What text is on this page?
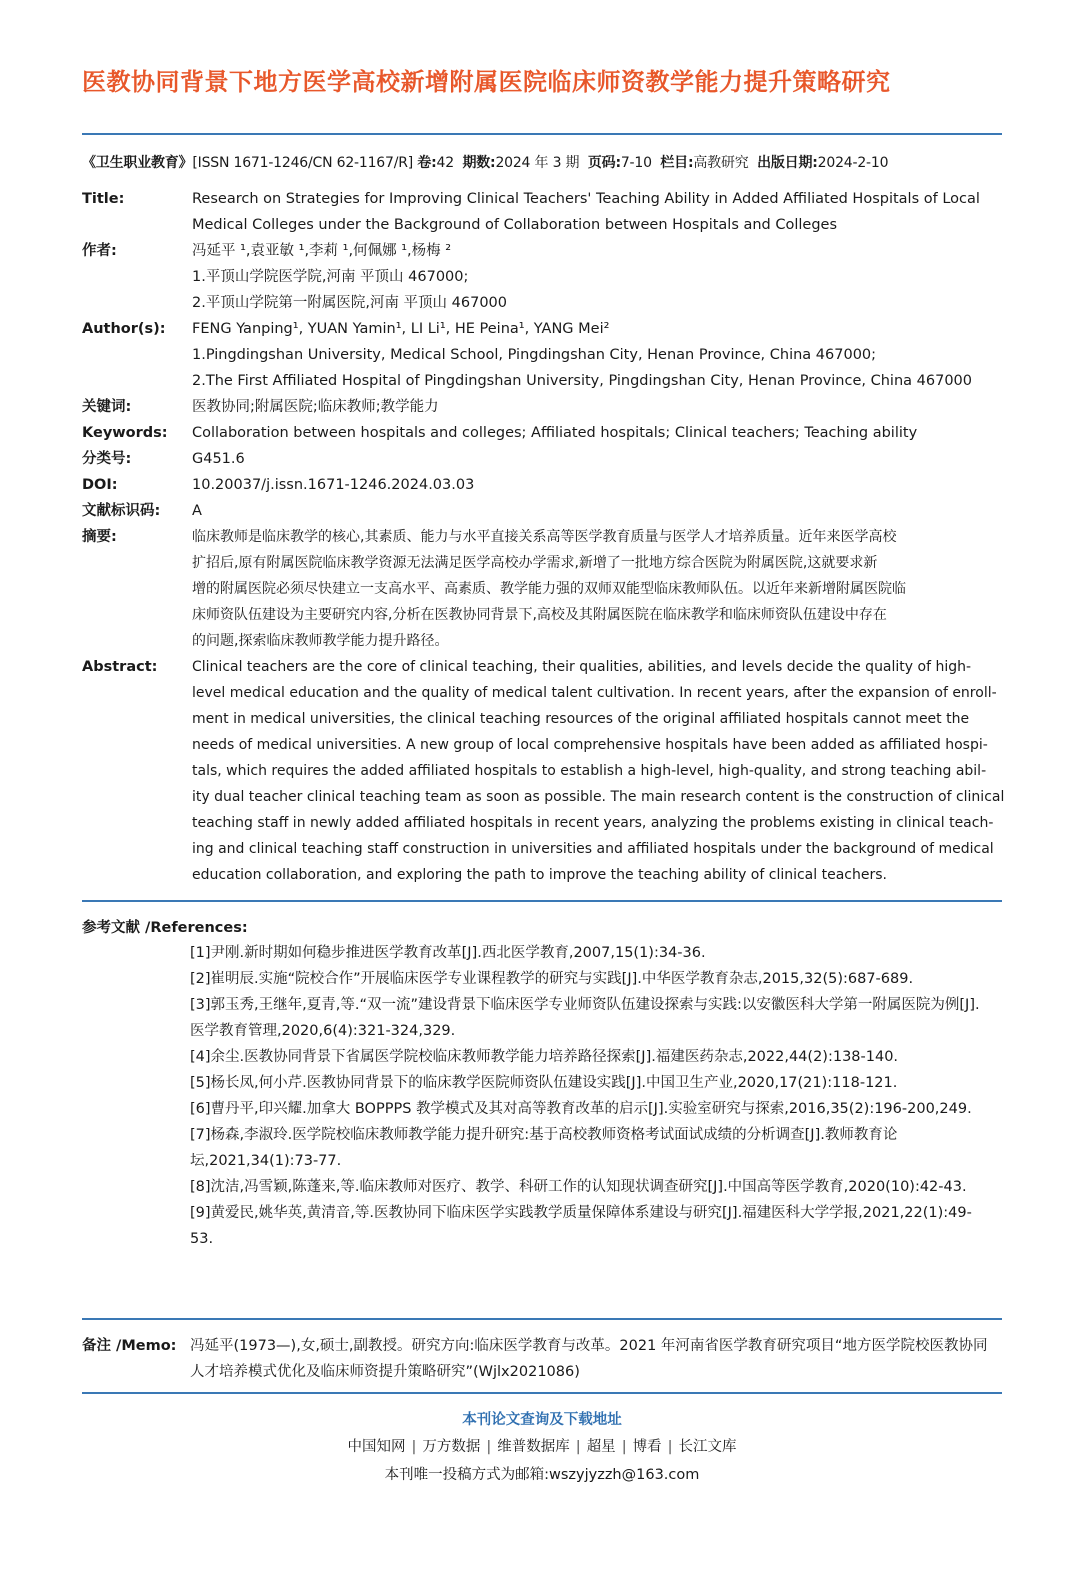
医教协同背景下地方医学高校新增附属医院临床师资教学能力提升策略研究
《卫生职业教育》[ISSN 1671-1246/CN 62-1167/R] 卷:42 期数:2024 年 3 期 页码:7-10 栏目:高教研究 出版日期:2024-2-10
Title:	Research on Strategies for Improving Clinical Teachers' Teaching Ability in Added Affiliated Hospitals of Local
Medical Colleges under the Background of Collaboration between Hospitals and Colleges
作者:	冯延平 ¹,袁亚敏 ¹,李莉 ¹,何佩娜 ¹,杨梅 ²
1.平顶山学院医学院,河南 平顶山 467000;
2.平顶山学院第一附属医院,河南 平顶山 467000
Author(s):	FENG Yanping¹, YUAN Yamin¹, LI Li¹, HE Peina¹, YANG Mei²
1.Pingdingshan University, Medical School, Pingdingshan City, Henan Province, China 467000;
2.The First Affiliated Hospital of Pingdingshan University, Pingdingshan City, Henan Province, China 467000
关键词:	医教协同;附属医院;临床教师;教学能力
Keywords:	Collaboration between hospitals and colleges; Affiliated hospitals; Clinical teachers; Teaching ability
分类号:	G451.6
DOI:	10.20037/j.issn.1671-1246.2024.03.03
文献标识码:	A
摘要:	临床教师是临床教学的核心,其素质、能力与水平直接关系高等医学教育质量与医学人才培养质量。近年来医学高校
扩招后,原有附属医院临床教学资源无法满足医学高校办学需求,新增了一批地方综合医院为附属医院,这就要求新
增的附属医院必须尽快建立一支高水平、高素质、教学能力强的双师双能型临床教师队伍。以近年来新增附属医院临
床师资队伍建设为主要研究内容,分析在医教协同背景下,高校及其附属医院在临床教学和临床师资队伍建设中存在
的问题,探索临床教师教学能力提升路径。
Abstract:	Clinical teachers are the core of clinical teaching, their qualities, abilities, and levels decide the quality of high-
level medical education and the quality of medical talent cultivation. In recent years, after the expansion of enroll-
ment in medical universities, the clinical teaching resources of the original affiliated hospitals cannot meet the
needs of medical universities. A new group of local comprehensive hospitals have been added as affiliated hospi-
tals, which requires the added affiliated hospitals to establish a high-level, high-quality, and strong teaching abil-
ity dual teacher clinical teaching team as soon as possible. The main research content is the construction of clinical
teaching staff in newly added affiliated hospitals in recent years, analyzing the problems existing in clinical teach-
ing and clinical teaching staff construction in universities and affiliated hospitals under the background of medical
education collaboration, and exploring the path to improve the teaching ability of clinical teachers.
参考文献 /References:
[1]尹刚.新时期如何稳步推进医学教育改革[J].西北医学教育,2007,15(1):34-36.
[2]崔明辰.实施“院校合作”开展临床医学专业课程教学的研究与实践[J].中华医学教育杂志,2015,32(5):687-689.
[3]郭玉秀,王继年,夏青,等.“双一流”建设背景下临床医学专业师资队伍建设探索与实践:以安徽医科大学第一附属医院为例[J].医学教育管理,2020,6(4):321-324,329.
[4]余尘.医教协同背景下省属医学院校临床教师教学能力培养路径探索[J].福建医药杂志,2022,44(2):138-140.
[5]杨长凤,何小芹.医教协同背景下的临床教学医院师资队伍建设实践[J].中国卫生产业,2020,17(21):118-121.
[6]曹丹平,印兴耀.加拿大 BOPPPS 教学模式及其对高等教育改革的启示[J].实验室研究与探索,2016,35(2):196-200,249.
[7]杨森,李淑玲.医学院校临床教师教学能力提升研究:基于高校教师资格考试面试成绩的分析调查[J].教师教育论坛,2021,34(1):73-77.
[8]沈洁,冯雪颖,陈蓬来,等.临床教师对医疗、教学、科研工作的认知现状调查研究[J].中国高等医学教育,2020(10):42-43.
[9]黄爱民,姚华英,黄清音,等.医教协同下临床医学实践教学质量保障体系建设与研究[J].福建医科大学学报,2021,22(1):49-53.
备注 /Memo: 冯延平(1973—),女,硕士,副教授。研究方向:临床医学教育与改革。2021 年河南省医学教育研究项目“地方医学院校医教协同人才培养模式优化及临床师资提升策略研究”(Wjlx2021086)
本刊论文查询及下载地址
中国知网 | 万方数据 | 维普数据库 | 超星 | 博看 | 长江文库
本刊唯一投稿方式为邮箱:wszyjyzzh@163.com
